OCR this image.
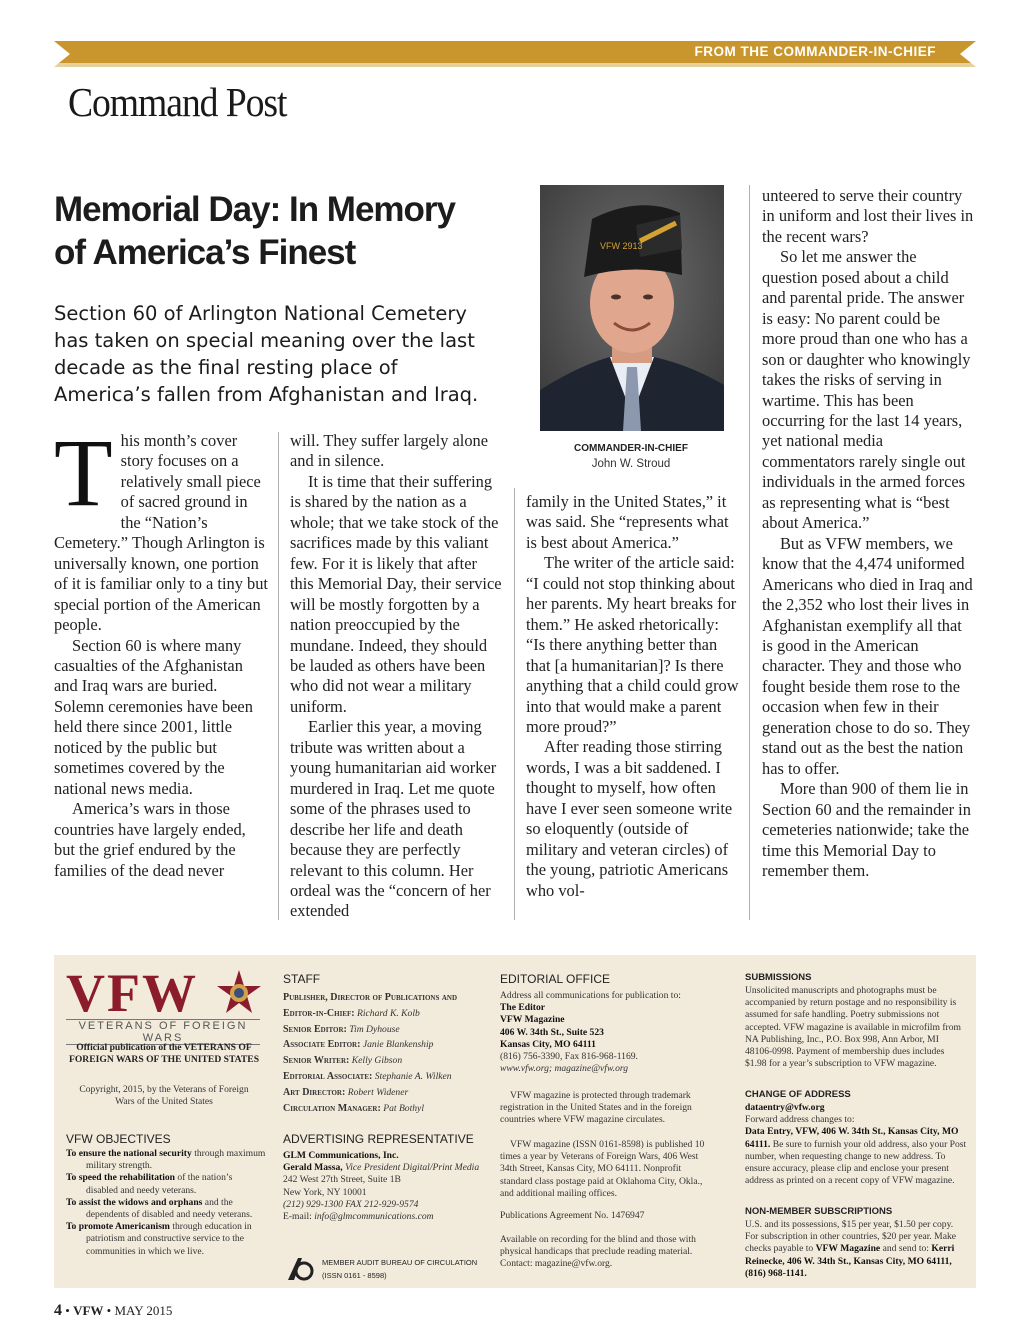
FROM THE COMMANDER-IN-CHIEF
Command Post
Memorial Day: In Memory
of America’s Finest
Section 60 of Arlington National Cemetery has taken on special meaning over the last decade as the final resting place of America’s fallen from Afghanistan and Iraq.
VFW 2913
COMMANDER-IN-CHIEF
John W. Stroud
T his month’s cover story focuses on a relatively small piece of sacred ground in the “Nation’s Cemetery.” Though Arlington is universally known, one portion of it is familiar only to a tiny but special portion of the American people.

Section 60 is where many casualties of the Afghanistan and Iraq wars are buried. Solemn ceremonies have been held there since 2001, little noticed by the public but sometimes covered by the national news media.

America’s wars in those countries have largely ended, but the grief endured by the families of the dead never

will. They suffer largely alone and in silence.

It is time that their suffering is shared by the nation as a whole; that we take stock of the sacrifices made by this valiant few. For it is likely that after this Memorial Day, their service will be mostly forgotten by a nation preoccupied by the mundane. Indeed, they should be lauded as others have been who did not wear a military uniform.

Earlier this year, a moving tribute was written about a young humanitarian aid worker murdered in Iraq. Let me quote some of the phrases used to describe her life and death because they are perfectly relevant to this column. Her ordeal was the “concern of her extended

family in the United States,” it was said. She “represents what is best about America.”

The writer of the article said: “I could not stop thinking about her parents. My heart breaks for them.” He asked rhetorically: “Is there anything better than that [a humanitarian]? Is there anything that a child could grow into that would make a parent more proud?”

After reading those stirring words, I was a bit saddened. I thought to myself, how often have I ever seen someone write so eloquently (outside of military and veteran circles) of the young, patriotic Americans who vol-

unteered to serve their country in uniform and lost their lives in the recent wars?

So let me answer the question posed about a child and parental pride. The answer is easy: No parent could be more proud than one who has a son or daughter who knowingly takes the risks of serving in wartime. This has been occurring for the last 14 years, yet national media commentators rarely single out individuals in the armed forces as representing what is “best about America.”

But as VFW members, we know that the 4,474 uniformed Americans who died in Iraq and the 2,352 who lost their lives in Afghanistan exemplify all that is good in the American character. They and those who fought beside them rose to the occasion when few in their generation chose to do so. They stand out as the best the nation has to offer.

More than 900 of them lie in Section 60 and the remainder in cemeteries nationwide; take the time this Memorial Day to remember them.

VFW
VETERANS OF FOREIGN WARS
Official publication of the VETERANS OF FOREIGN WARS OF THE UNITED STATES
Copyright, 2015, by the Veterans of Foreign Wars of the United States
VFW OBJECTIVES
To ensure the national security through maximum military strength.
To speed the rehabilitation of the nation’s disabled and needy veterans.
To assist the widows and orphans and the dependents of disabled and needy veterans.
To promote Americanism through education in patriotism and constructive service to the communities in which we live.
STAFF
Publisher, Director of Publications and Editor-in-Chief: Richard K. Kolb
Senior Editor: Tim Dyhouse
Associate Editor: Janie Blankenship
Senior Writer: Kelly Gibson
Editorial Associate: Stephanie A. Wilken
Art Director: Robert Widener
Circulation Manager: Pat Bothyl
ADVERTISING REPRESENTATIVE
GLM Communications, Inc.
Gerald Massa, Vice President Digital/Print Media
242 West 27th Street, Suite 1B
New York, NY 10001
(212) 929-1300 FAX 212-929-9574
E-mail: info@glmcommunications.com
MEMBER AUDIT BUREAU OF CIRCULATION
(ISSN 0161 - 8598)
EDITORIAL OFFICE
Address all communications for publication to:
The Editor
VFW Magazine
406 W. 34th St., Suite 523
Kansas City, MO 64111
(816) 756-3390, Fax 816-968-1169.
www.vfw.org; magazine@vfw.org
VFW magazine is protected through trademark registration in the United States and in the foreign countries where VFW magazine circulates.
VFW magazine (ISSN 0161-8598) is published 10 times a year by Veterans of Foreign Wars, 406 West 34th Street, Kansas City, MO 64111. Nonprofit standard class postage paid at Oklahoma City, Okla., and additional mailing offices.
Publications Agreement No. 1476947
Available on recording for the blind and those with physical handicaps that preclude reading material. Contact: magazine@vfw.org.
SUBMISSIONS
Unsolicited manuscripts and photographs must be accompanied by return postage and no responsibility is assumed for safe handling. Poetry submissions not accepted. VFW magazine is available in microfilm from NA Publishing, Inc., P.O. Box 998, Ann Arbor, MI 48106-0998. Payment of membership dues includes $1.98 for a year’s subscription to VFW magazine.
CHANGE OF ADDRESS
dataentry@vfw.org
Forward address changes to:
Data Entry, VFW, 406 W. 34th St., Kansas City, MO 64111. Be sure to furnish your old address, also your Post number, when requesting change to new address. To ensure accuracy, please clip and enclose your present address as printed on a recent copy of VFW magazine.
NON-MEMBER SUBSCRIPTIONS
U.S. and its possessions, $15 per year, $1.50 per copy. For subscription in other countries, $20 per year. Make checks payable to VFW Magazine and send to: Kerri Reinecke, 406 W. 34th St., Kansas City, MO 64111, (816) 968-1141.
4 • VFW • MAY 2015
